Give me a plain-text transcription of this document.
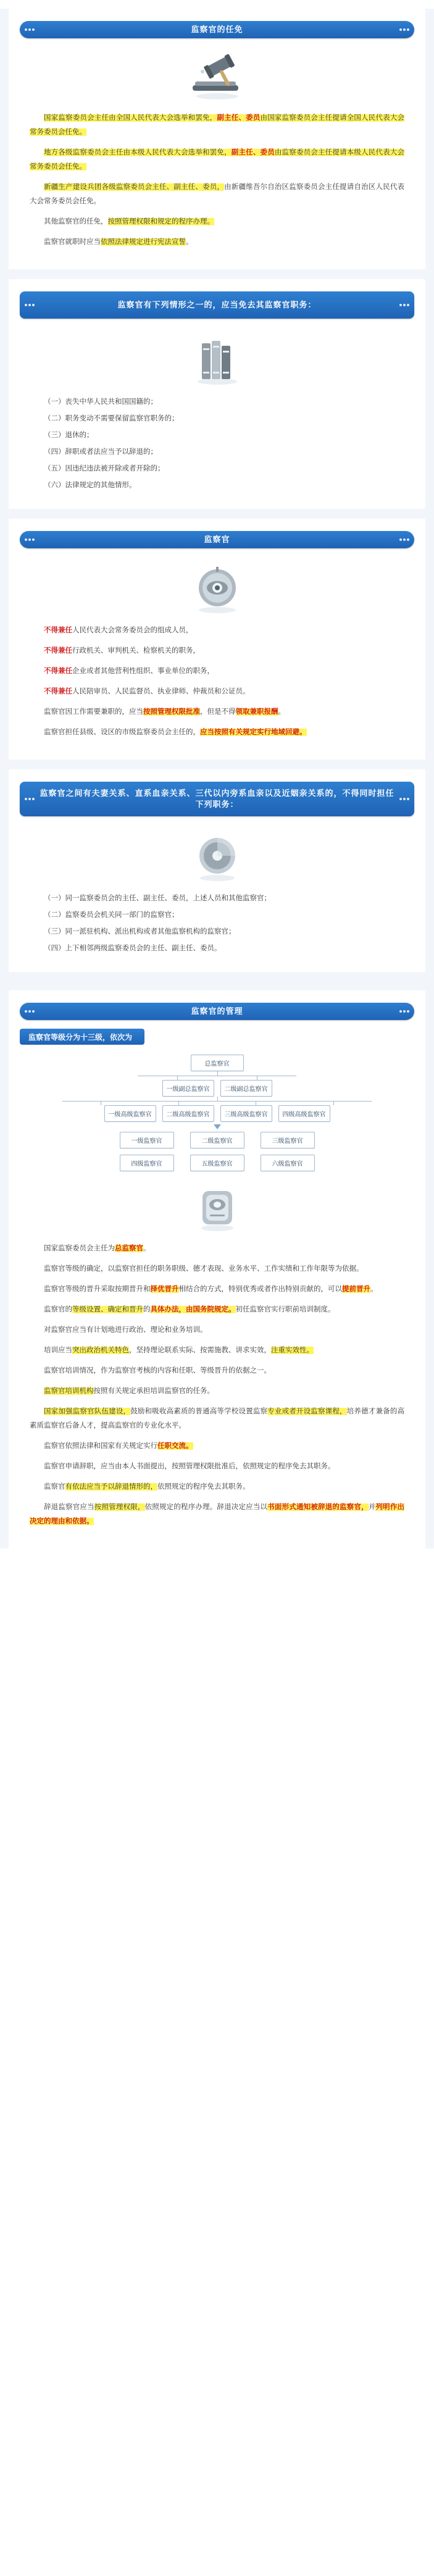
监察官的任免

国家监察委员会主任由全国人民代表大会选举和罢免，副主任、委员由国家监察委员会主任提请全国人民代表大会常务委员会任免。

地方各级监察委员会主任由本级人民代表大会选举和罢免，副主任、委员由监察委员会主任提请本级人民代表大会常务委员会任免。

新疆生产建设兵团各级监察委员会主任、副主任、委员，由新疆维吾尔自治区监察委员会主任提请自治区人民代表大会常务委员会任免。

其他监察官的任免，按照管理权限和规定的程序办理。

监察官就职时应当依照法律规定进行宪法宣誓。

监察官有下列情形之一的，应当免去其监察官职务：

（一）丧失中华人民共和国国籍的；

（二）职务变动不需要保留监察官职务的；

（三）退休的；

（四）辞职或者法应当予以辞退的；

（五）因违纪违法被开除或者开除的；

（六）法律规定的其他情形。

监察官

不得兼任人民代表大会常务委员会的组成人员，

不得兼任行政机关、审判机关、检察机关的职务，

不得兼任企业或者其他营利性组织、事业单位的职务，

不得兼任人民陪审员、人民监督员、执业律师、仲裁员和公证员。

监察官因工作需要兼职的，应当按照管理权限批准，但是不得领取兼职报酬。

监察官担任县级、设区的市级监察委员会主任的，应当按照有关规定实行地域回避。

监察官之间有夫妻关系、直系血亲关系、三代以内旁系血亲以及近姻亲关系的，不得同时担任下列职务：

（一）同一监察委员会的主任、副主任、委员，上述人员和其他监察官；

（二）监察委员会机关同一部门的监察官；

（三）同一派驻机构、派出机构或者其他监察机构的监察官；

（四）上下相邻两级监察委员会的主任、副主任、委员。

监察官的管理
监察官等级分为十三级，依次为
总监察官
一级副总监察官	二级副总监察官
一级高级监察官	二级高级监察官	三级高级监察官	四级高级监察官
一级监察官	二级监察官	三级监察官
四级监察官	五级监察官	六级监察官

国家监察委员会主任为总监察官。

监察官等级的确定，以监察官担任的职务职级、德才表现、业务水平、工作实绩和工作年限等为依据。

监察官等级的晋升采取按期晋升和择优晋升相结合的方式，特别优秀或者作出特别贡献的，可以提前晋升。

监察官的等级设置、确定和晋升的具体办法，由国务院规定。初任监察官实行职前培训制度。

对监察官应当有计划地进行政治、理论和业务培训。

培训应当突出政治机关特色，坚持理论联系实际、按需施教、讲求实效，注重实效性。

监察官培训情况，作为监察官考核的内容和任职、等级晋升的依据之一。

监察官培训机构按照有关规定承担培训监察官的任务。

国家加强监察官队伍建设，鼓励和吸收高素质的普通高等学校设置监察专业或者开设监察课程，培养德才兼备的高素质监察官后备人才，提高监察官的专业化水平。

监察官依照法律和国家有关规定实行任职交流。

监察官申请辞职，应当由本人书面提出，按照管理权限批准后，依照规定的程序免去其职务。

监察官有依法应当予以辞退情形的，依照规定的程序免去其职务。

辞退监察官应当按照管理权限，依照规定的程序办理。辞退决定应当以书面形式通知被辞退的监察官，并列明作出决定的理由和依据。
